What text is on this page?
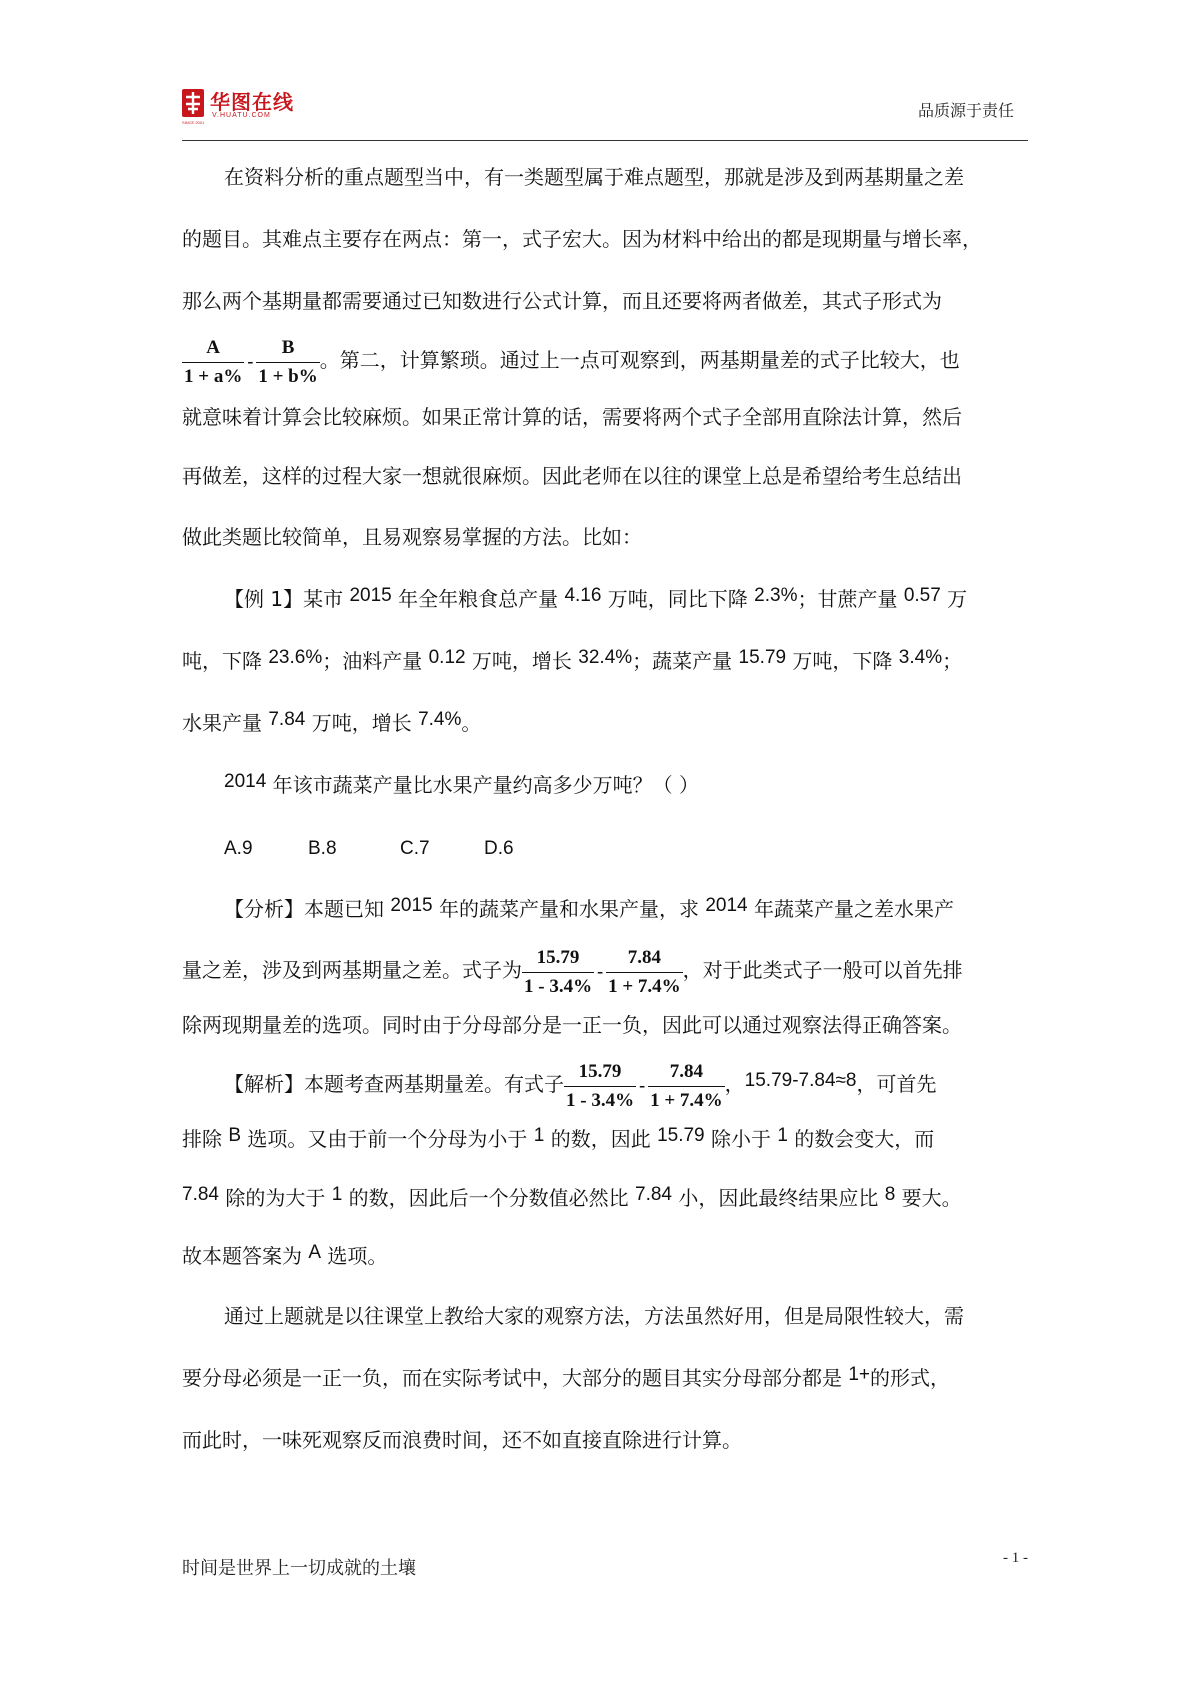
华图在线
V.HUATU.COM
SINCE 2001
品质源于责任
在资料分析的重点题型当中，有一类题型属于难点题型，那就是涉及到两基期量之差
的题目。其难点主要存在两点：第一，式子宏大。因为材料中给出的都是现期量与增长率，
那么两个基期量都需要通过已知数进行公式计算，而且还要将两者做差，其式子形式为
$\frac{A}{1 + a\%} - \frac{B}{1 + b\%}$ 。第二，计算繁琐。通过上一点可观察到，两基期量差的式子比较大，也
就意味着计算会比较麻烦。如果正常计算的话，需要将两个式子全部用直除法计算，然后
再做差，这样的过程大家一想就很麻烦。因此老师在以往的课堂上总是希望给考生总结出
做此类题比较简单，且易观察易掌握的方法。比如：
【例 1】某市 2015 年全年粮食总产量 4.16 万吨，同比下降 2.3%；甘蔗产量 0.57 万
吨，下降 23.6%；油料产量 0.12 万吨，增长 32.4%；蔬菜产量 15.79 万吨，下降 3.4%；
水果产量 7.84 万吨，增长 7.4%。
2014 年该市蔬菜产量比水果产量约高多少万吨？（ ）
A.9	B.8	C.7	D.6
【分析】本题已知 2015 年的蔬菜产量和水果产量，求 2014 年蔬菜产量之差水果产
量之差，涉及到两基期量之差。式子为 $\frac{15.79}{1 - 3.4\%} - \frac{7.84}{1 + 7.4\%}$ ，对于此类式子一般可以首先排
除两现期量差的选项。同时由于分母部分是一正一负，因此可以通过观察法得正确答案。
【解析】本题考查两基期量差。有式子 $\frac{15.79}{1 - 3.4\%} - \frac{7.84}{1 + 7.4\%}$ ，15.79-7.84≈8，可首先
排除 B 选项。又由于前一个分母为小于 1 的数，因此 15.79 除小于 1 的数会变大，而
7.84 除的为大于 1 的数，因此后一个分数值必然比 7.84 小，因此最终结果应比 8 要大。
故本题答案为 A 选项。
通过上题就是以往课堂上教给大家的观察方法，方法虽然好用，但是局限性较大，需
要分母必须是一正一负，而在实际考试中，大部分的题目其实分母部分都是 1+的形式，
而此时，一味死观察反而浪费时间，还不如直接直除进行计算。
时间是世界上一切成就的土壤	- 1 -
